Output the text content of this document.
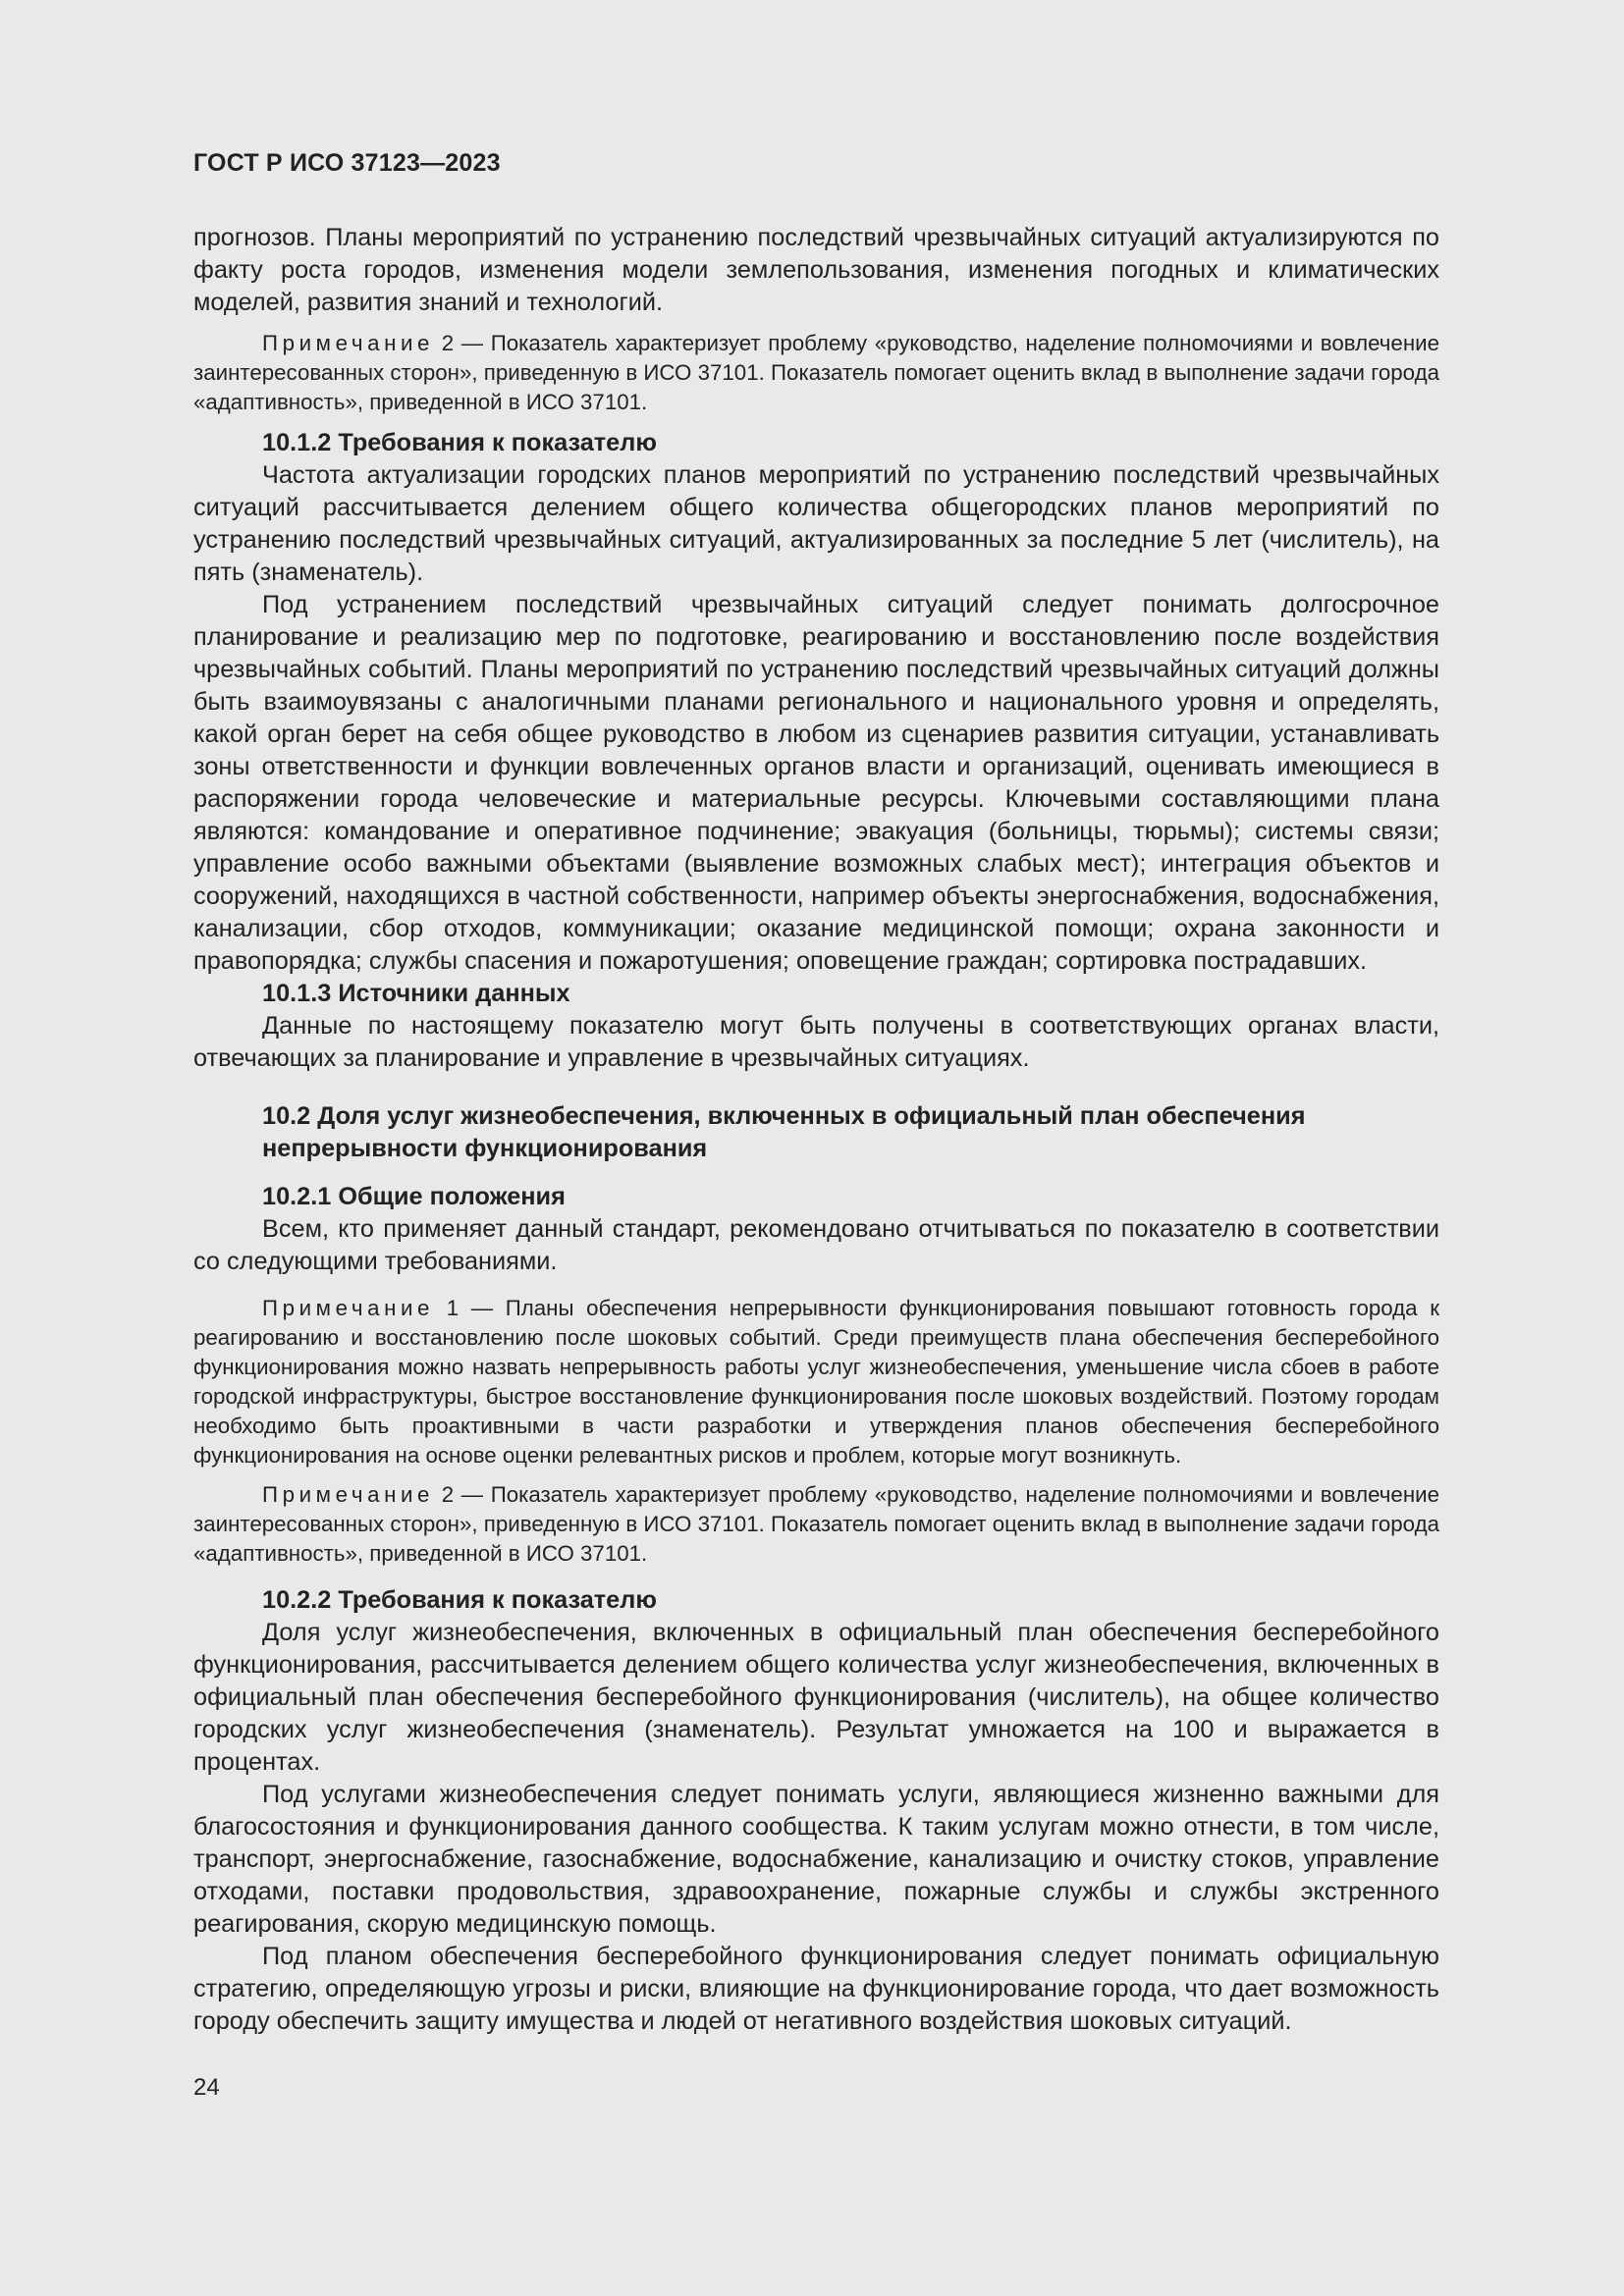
ГОСТ Р ИСО 37123—2023

прогнозов. Планы мероприятий по устранению последствий чрезвычайных ситуаций актуализируются по факту роста городов, изменения модели землепользования, изменения погодных и климатических моделей, развития знаний и технологий.

Примечание 2 — Показатель характеризует проблему «руководство, наделение полномочиями и вовлечение заинтересованных сторон», приведенную в ИСО 37101. Показатель помогает оценить вклад в выполнение задачи города «адаптивность», приведенной в ИСО 37101.

10.1.2 Требования к показателю

Частота актуализации городских планов мероприятий по устранению последствий чрезвычайных ситуаций рассчитывается делением общего количества общегородских планов мероприятий по устранению последствий чрезвычайных ситуаций, актуализированных за последние 5 лет (числитель), на пять (знаменатель).

Под устранением последствий чрезвычайных ситуаций следует понимать долгосрочное планирование и реализацию мер по подготовке, реагированию и восстановлению после воздействия чрезвычайных событий. Планы мероприятий по устранению последствий чрезвычайных ситуаций должны быть взаимоувязаны с аналогичными планами регионального и национального уровня и определять, какой орган берет на себя общее руководство в любом из сценариев развития ситуации, устанавливать зоны ответственности и функции вовлеченных органов власти и организаций, оценивать имеющиеся в распоряжении города человеческие и материальные ресурсы. Ключевыми составляющими плана являются: командование и оперативное подчинение; эвакуация (больницы, тюрьмы); системы связи; управление особо важными объектами (выявление возможных слабых мест); интеграция объектов и сооружений, находящихся в частной собственности, например объекты энергоснабжения, водоснабжения, канализации, сбор отходов, коммуникации; оказание медицинской помощи; охрана законности и правопорядка; службы спасения и пожаротушения; оповещение граждан; сортировка пострадавших.

10.1.3 Источники данных

Данные по настоящему показателю могут быть получены в соответствующих органах власти, отвечающих за планирование и управление в чрезвычайных ситуациях.

10.2 Доля услуг жизнеобеспечения, включенных в официальный план обеспечения
непрерывности функционирования

10.2.1 Общие положения

Всем, кто применяет данный стандарт, рекомендовано отчитываться по показателю в соответствии со следующими требованиями.

Примечание 1 — Планы обеспечения непрерывности функционирования повышают готовность города к реагированию и восстановлению после шоковых событий. Среди преимуществ плана обеспечения бесперебойного функционирования можно назвать непрерывность работы услуг жизнеобеспечения, уменьшение числа сбоев в работе городской инфраструктуры, быстрое восстановление функционирования после шоковых воздействий. Поэтому городам необходимо быть проактивными в части разработки и утверждения планов обеспечения бесперебойного функционирования на основе оценки релевантных рисков и проблем, которые могут возникнуть.

Примечание 2 — Показатель характеризует проблему «руководство, наделение полномочиями и вовлечение заинтересованных сторон», приведенную в ИСО 37101. Показатель помогает оценить вклад в выполнение задачи города «адаптивность», приведенной в ИСО 37101.

10.2.2 Требования к показателю

Доля услуг жизнеобеспечения, включенных в официальный план обеспечения бесперебойного функционирования, рассчитывается делением общего количества услуг жизнеобеспечения, включенных в официальный план обеспечения бесперебойного функционирования (числитель), на общее количество городских услуг жизнеобеспечения (знаменатель). Результат умножается на 100 и выражается в процентах.

Под услугами жизнеобеспечения следует понимать услуги, являющиеся жизненно важными для благосостояния и функционирования данного сообщества. К таким услугам можно отнести, в том числе, транспорт, энергоснабжение, газоснабжение, водоснабжение, канализацию и очистку стоков, управление отходами, поставки продовольствия, здравоохранение, пожарные службы и службы экстренного реагирования, скорую медицинскую помощь.

Под планом обеспечения бесперебойного функционирования следует понимать официальную стратегию, определяющую угрозы и риски, влияющие на функционирование города, что дает возможность городу обеспечить защиту имущества и людей от негативного воздействия шоковых ситуаций.

24
